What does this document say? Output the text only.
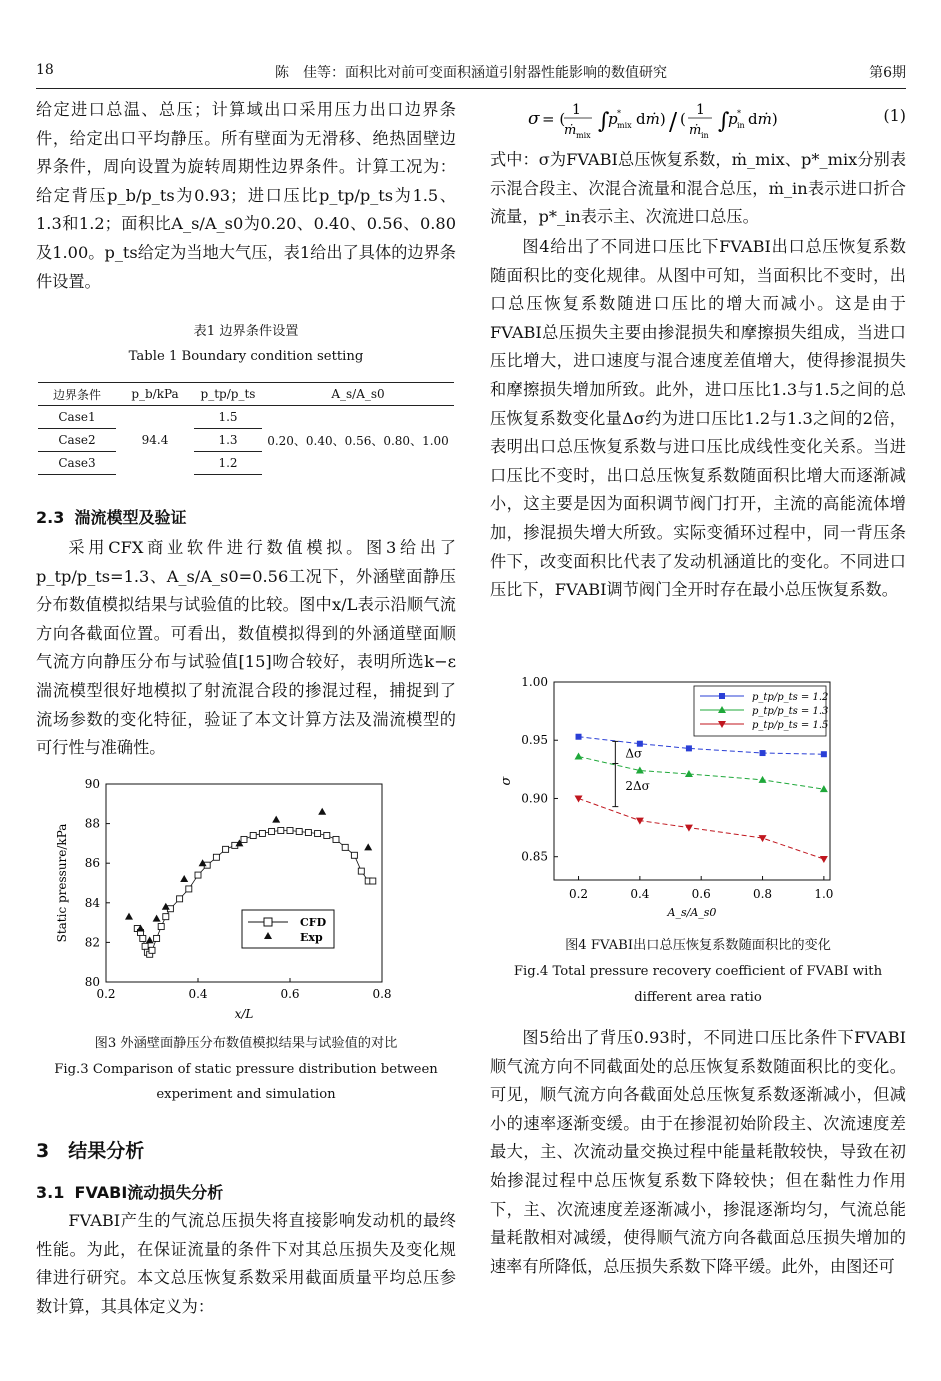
18	陈　佳等：面积比对前可变面积涵道引射器性能影响的数值研究	第6期

给定进口总温、总压；计算域出口采用压力出口边界条件，给定出口平均静压。所有壁面为无滑移、绝热固壁边界条件，周向设置为旋转周期性边界条件。计算工况为：给定背压p_b/p_ts为0.93；进口压比p_tp/p_ts为1.5、1.3和1.2；面积比A_s/A_s0为0.20、0.40、0.56、0.80及1.00。p_ts给定为当地大气压，表1给出了具体的边界条件设置。

表1 边界条件设置
Table 1 Boundary condition setting
边界条件	p_b/kPa	p_tp/p_ts	A_s/A_s0
Case1	94.4	1.5	0.20、0.40、0.56、0.80、1.00
Case2		1.3	
Case3		1.2	
2.3 湍流模型及验证

采用CFX商业软件进行数值模拟。图3给出了p_tp/p_ts=1.3、A_s/A_s0=0.56工况下，外涵壁面静压分布数值模拟结果与试验值的比较。图中x/L表示沿顺气流方向各截面位置。可看出，数值模拟得到的外涵道壁面顺气流方向静压分布与试验值[15]吻合较好，表明所选k−ε湍流模型很好地模拟了射流混合段的掺混过程，捕捉到了流场参数的变化特征，验证了本文计算方法及湍流模型的可行性与准确性。

0.2	0.4	0.6	0.8
80
82
84
86
88
90
x/L
Static pressure/kPa	CFD
Exp
图3 外涵壁面静压分布数值模拟结果与试验值的对比
Fig.3 Comparison of static pressure distribution between
experiment and simulation
3　结果分析
3.1 FVABI流动损失分析

FVABI产生的气流总压损失将直接影响发动机的最终性能。为此，在保证流量的条件下对其总压损失及变化规律进行研究。本文总压恢复系数采用截面质量平均总压参数计算，其具体定义为：

σ = ( 1
ṁ mix
∫
p *
mix dṁ) / ( 1
ṁ in
∫
p *
in dṁ)	(1)

式中：σ为FVABI总压恢复系数，ṁ_mix、p*_mix分别表示混合段主、次混合流量和混合总压，ṁ_in表示进口折合流量，p*_in表示主、次流进口总压。

图4给出了不同进口压比下FVABI出口总压恢复系数随面积比的变化规律。从图中可知，当面积比不变时，出口总压恢复系数随进口压比的增大而减小。这是由于FVABI总压损失主要由掺混损失和摩擦损失组成，当进口压比增大，进口速度与混合速度差值增大，使得掺混损失和摩擦损失增加所致。此外，进口压比1.3与1.5之间的总压恢复系数变化量Δσ约为进口压比1.2与1.3之间的2倍，表明出口总压恢复系数与进口压比成线性变化关系。当进口压比不变时，出口总压恢复系数随面积比增大而逐渐减小，这主要是因为面积调节阀门打开，主流的高能流体增加，掺混损失增大所致。实际变循环过程中，同一背压条件下，改变面积比代表了发动机涵道比的变化。不同进口压比下，FVABI调节阀门全开时存在最小总压恢复系数。

0.2	0.4	0.6	0.8	1.0
0.85
0.90
0.95
1.00
A_s/A_s0
σ
Δσ
2Δσ
p_tp/p_ts = 1.2
p_tp/p_ts = 1.3
p_tp/p_ts = 1.5
图4 FVABI出口总压恢复系数随面积比的变化
Fig.4 Total pressure recovery coefficient of FVABI with
different area ratio

图5给出了背压0.93时，不同进口压比条件下FVABI顺气流方向不同截面处的总压恢复系数随面积比的变化。可见，顺气流方向各截面处总压恢复系数逐渐减小，但减小的速率逐渐变缓。由于在掺混初始阶段主、次流速度差最大，主、次流动量交换过程中能量耗散较快，导致在初始掺混过程中总压恢复系数下降较快；但在黏性力作用下，主、次流速度差逐渐减小，掺混逐渐均匀，气流总能量耗散相对减缓，使得顺气流方向各截面总压损失增加的速率有所降低，总压损失系数下降平缓。此外，由图还可
